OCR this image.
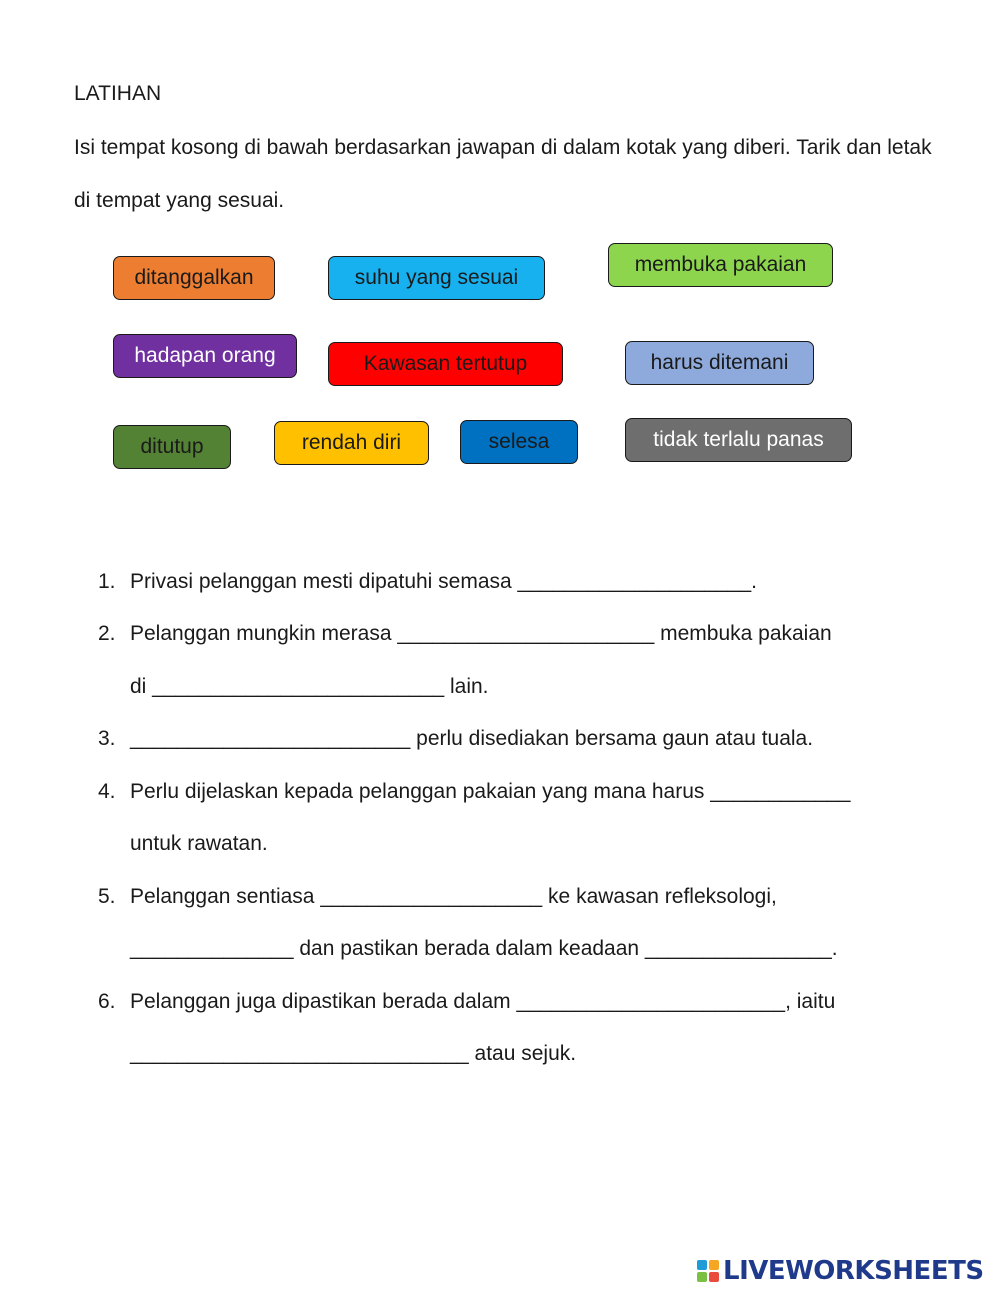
LATIHAN
Isi tempat kosong di bawah berdasarkan jawapan di dalam kotak yang diberi. Tarik dan letak di tempat yang sesuai.
ditanggalkan	suhu yang sesuai
membuka pakaian
hadapan orang	Kawasan tertutup	harus ditemani
ditutup	rendah diri	selesa	tidak terlalu panas
1. Privasi pelanggan mesti dipatuhi semasa ____________________.
2. Pelanggan mungkin merasa ______________________ membuka pakaian
di _________________________ lain.
3. ________________________ perlu disediakan bersama gaun atau tuala.
4. Perlu dijelaskan kepada pelanggan pakaian yang mana harus ____________
untuk rawatan.
5. Pelanggan sentiasa ___________________ ke kawasan refleksologi,
______________ dan pastikan berada dalam keadaan ________________.
6. Pelanggan juga dipastikan berada dalam _______________________, iaitu
_____________________________ atau sejuk.
LIVEWORKSHEETS
